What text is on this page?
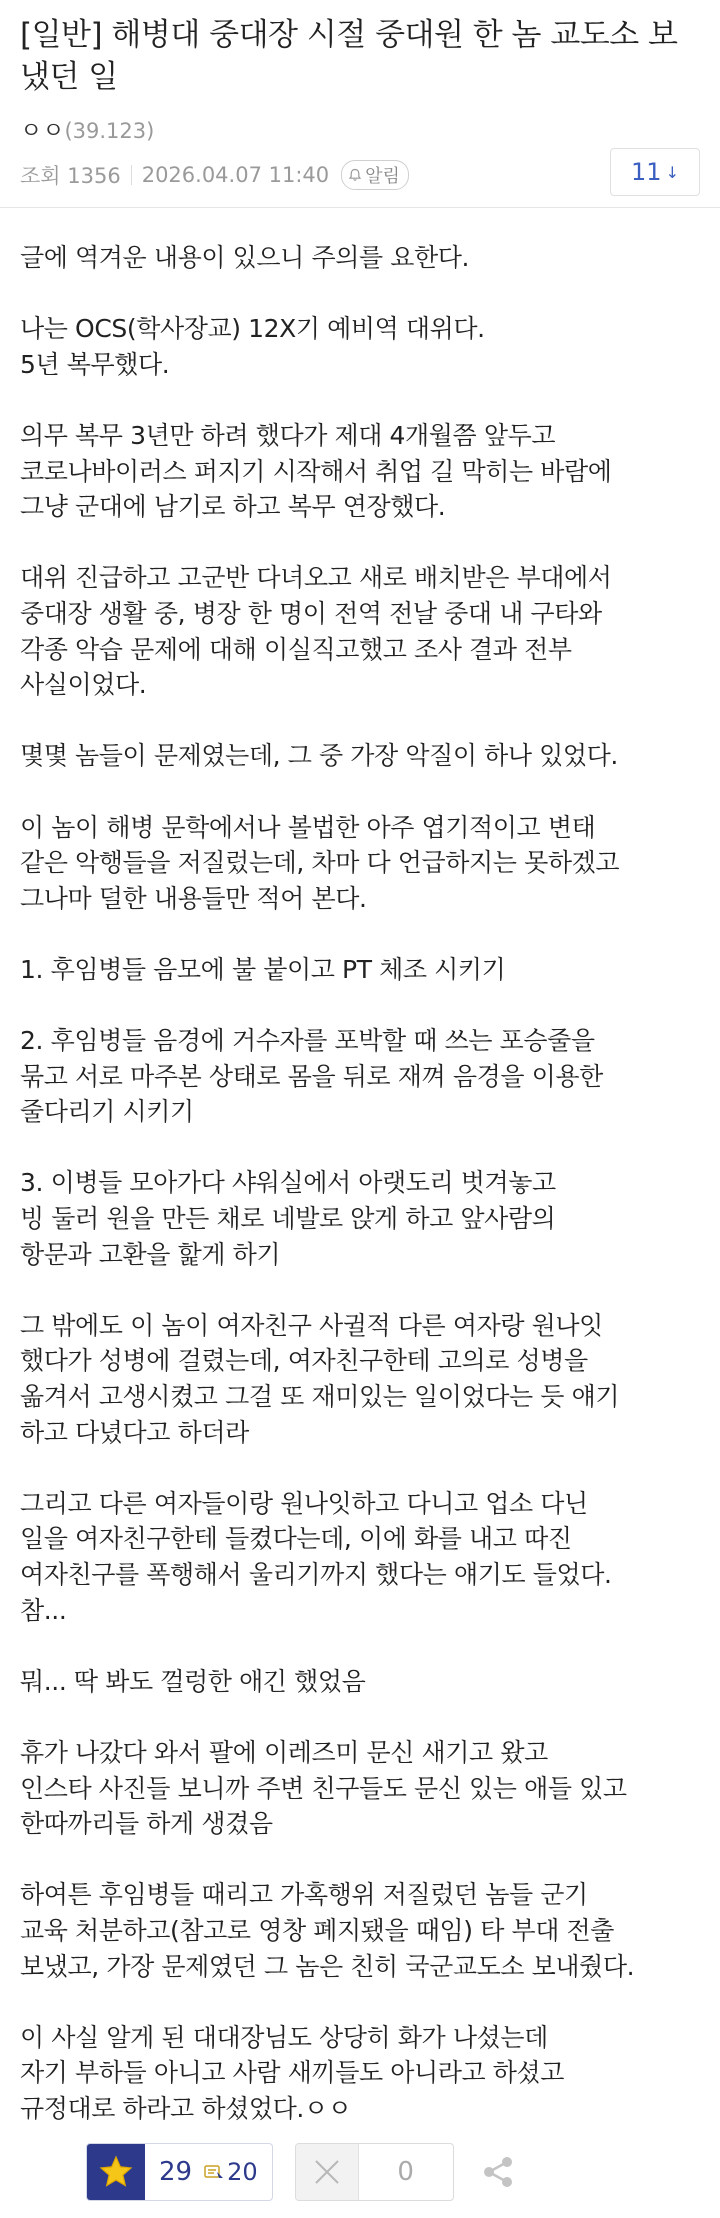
[일반] 해병대 중대장 시절 중대원 한 놈 교도소 보냈던 일
ㅇㅇ(39.123)
조회 1356 2026.04.07 11:40 알림	11 ↓

글에 역겨운 내용이 있으니 주의를 요한다.

나는 OCS(학사장교) 12X기 예비역 대위다.
5년 복무했다.

의무 복무 3년만 하려 했다가 제대 4개월쯤 앞두고
코로나바이러스 퍼지기 시작해서 취업 길 막히는 바람에
그냥 군대에 남기로 하고 복무 연장했다.

대위 진급하고 고군반 다녀오고 새로 배치받은 부대에서
중대장 생활 중, 병장 한 명이 전역 전날 중대 내 구타와
각종 악습 문제에 대해 이실직고했고 조사 결과 전부
사실이었다.

몇몇 놈들이 문제였는데, 그 중 가장 악질이 하나 있었다.

이 놈이 해병 문학에서나 볼법한 아주 엽기적이고 변태
같은 악행들을 저질렀는데, 차마 다 언급하지는 못하겠고
그나마 덜한 내용들만 적어 본다.

1. 후임병들 음모에 불 붙이고 PT 체조 시키기

2. 후임병들 음경에 거수자를 포박할 때 쓰는 포승줄을
묶고 서로 마주본 상태로 몸을 뒤로 재껴 음경을 이용한
줄다리기 시키기

3. 이병들 모아가다 샤워실에서 아랫도리 벗겨놓고
빙 둘러 원을 만든 채로 네발로 앉게 하고 앞사람의
항문과 고환을 핥게 하기

그 밖에도 이 놈이 여자친구 사귈적 다른 여자랑 원나잇
했다가 성병에 걸렸는데, 여자친구한테 고의로 성병을
옮겨서 고생시켰고 그걸 또 재미있는 일이었다는 듯 얘기
하고 다녔다고 하더라

그리고 다른 여자들이랑 원나잇하고 다니고 업소 다닌
일을 여자친구한테 들켰다는데, 이에 화를 내고 따진
여자친구를 폭행해서 울리기까지 했다는 얘기도 들었다.
참...

뭐... 딱 봐도 껄렁한 애긴 했었음

휴가 나갔다 와서 팔에 이레즈미 문신 새기고 왔고
인스타 사진들 보니까 주변 친구들도 문신 있는 애들 있고
한따까리들 하게 생겼음

하여튼 후임병들 때리고 가혹행위 저질렀던 놈들 군기
교육 처분하고(참고로 영창 폐지됐을 때임) 타 부대 전출
보냈고, 가장 문제였던 그 놈은 친히 국군교도소 보내줬다.

이 사실 알게 된 대대장님도 상당히 화가 나셨는데
자기 부하들 아니고 사람 새끼들도 아니라고 하셨고
규정대로 하라고 하셨었다.ㅇㅇ

29	20	0
